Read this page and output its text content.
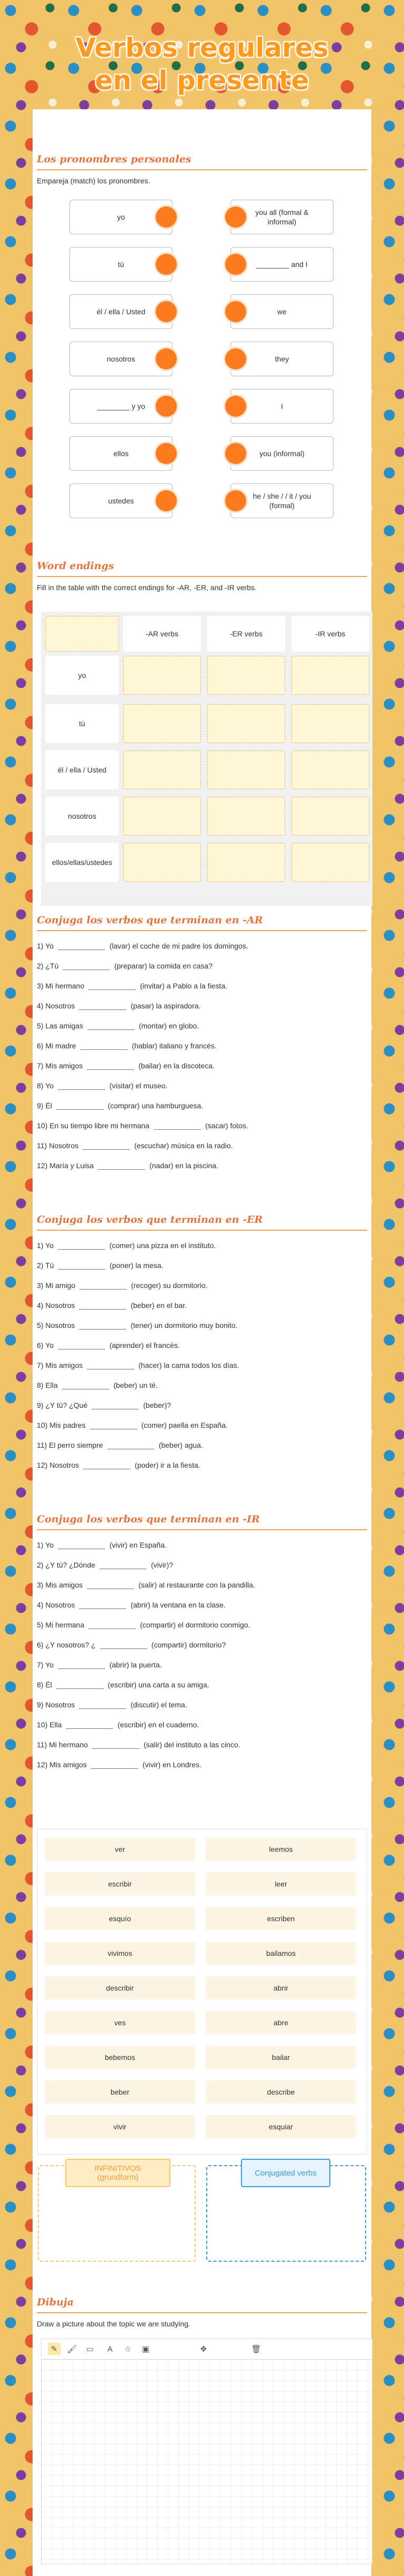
Verbos regulares
en el presente
Los pronombres personales
Empareja (match) los pronombres.
yo
tú
él / ella / Usted
nosotros
________ y yo
ellos
ustedes
you all (formal & informal)
________ and I
we
they
I
you (informal)
he / she / / it / you (formal)
Word endings
Fill in the table with the correct endings for -AR, -ER, and -IR verbs.
-AR verbs	-ER verbs	-IR verbs
yo
tú
él / ella / Usted
nosotros
ellos/ellas/ustedes
Conjuga los verbos que terminan en -AR
1) Yo	(lavar) el coche de mi padre los domingos.
2) ¿Tú	(preparar) la comida en casa?
3) Mi hermano	(invitar) a Pablo a la fiesta.
4) Nosotros	(pasar) la aspiradora.
5) Las amigas	(montar) en globo.
6) Mi madre	(hablar) italiano y francés.
7) Mis amigos	(bailar) en la discoteca.
8) Yo	(visitar) el museo.
9) Él	(comprar) una hamburguesa.
10) En su tiempo libre mi hermana	(sacar) fotos.
11) Nosotros	(escuchar) música en la radio.
12) María y Luisa	(nadar) en la piscina.
Conjuga los verbos que terminan en -ER
1) Yo	(comer) una pizza en el instituto.
2) Tú	(poner) la mesa.
3) Mi amigo	(recoger) su dormitorio.
4) Nosotros	(beber) en el bar.
5) Nosotros	(tener) un dormitorio muy bonito.
6) Yo	(aprender) el francés.
7) Mis amigos	(hacer) la cama todos los días.
8) Ella	(beber) un té.
9) ¿Y tú? ¿Qué	(beber)?
10) Mis padres	(comer) paella en España.
11) El perro siempre	(beber) agua.
12) Nosotros	(poder) ir a la fiesta.
Conjuga los verbos que terminan en -IR
1) Yo	(vivir) en España.
2) ¿Y tú? ¿Dónde	(vivir)?
3) Mis amigos	(salir) al restaurante con la pandilla.
4) Nosotros	(abrir) la ventana en la clase.
5) Mi hermana	(compartir) el dormitorio conmigo.
6) ¿Y nosotros? ¿	(compartir) dormitorio?
7) Yo	(abrir) la puerta.
8) Él	(escribir) una carta a su amiga.
9) Nosotros	(discutir) el tema.
10) Ella	(escribir) en el cuaderno.
11) Mi hermano	(salir) del instituto a las cinco.
12) Mis amigos	(vivir) en Londres.
ver	leemos
escribir	leer
esquío	escriben
vivimos	bailamos
describir	abrir
ves	abre
bebemos	bailar
beber	describe
vivir	esquiar
INFINITIVOS (grundform)	Conjugated verbs
Dibuja
Draw a picture about the topic we are studying.
✎	🖌	▭	A	☆	▣	✥	🗑
